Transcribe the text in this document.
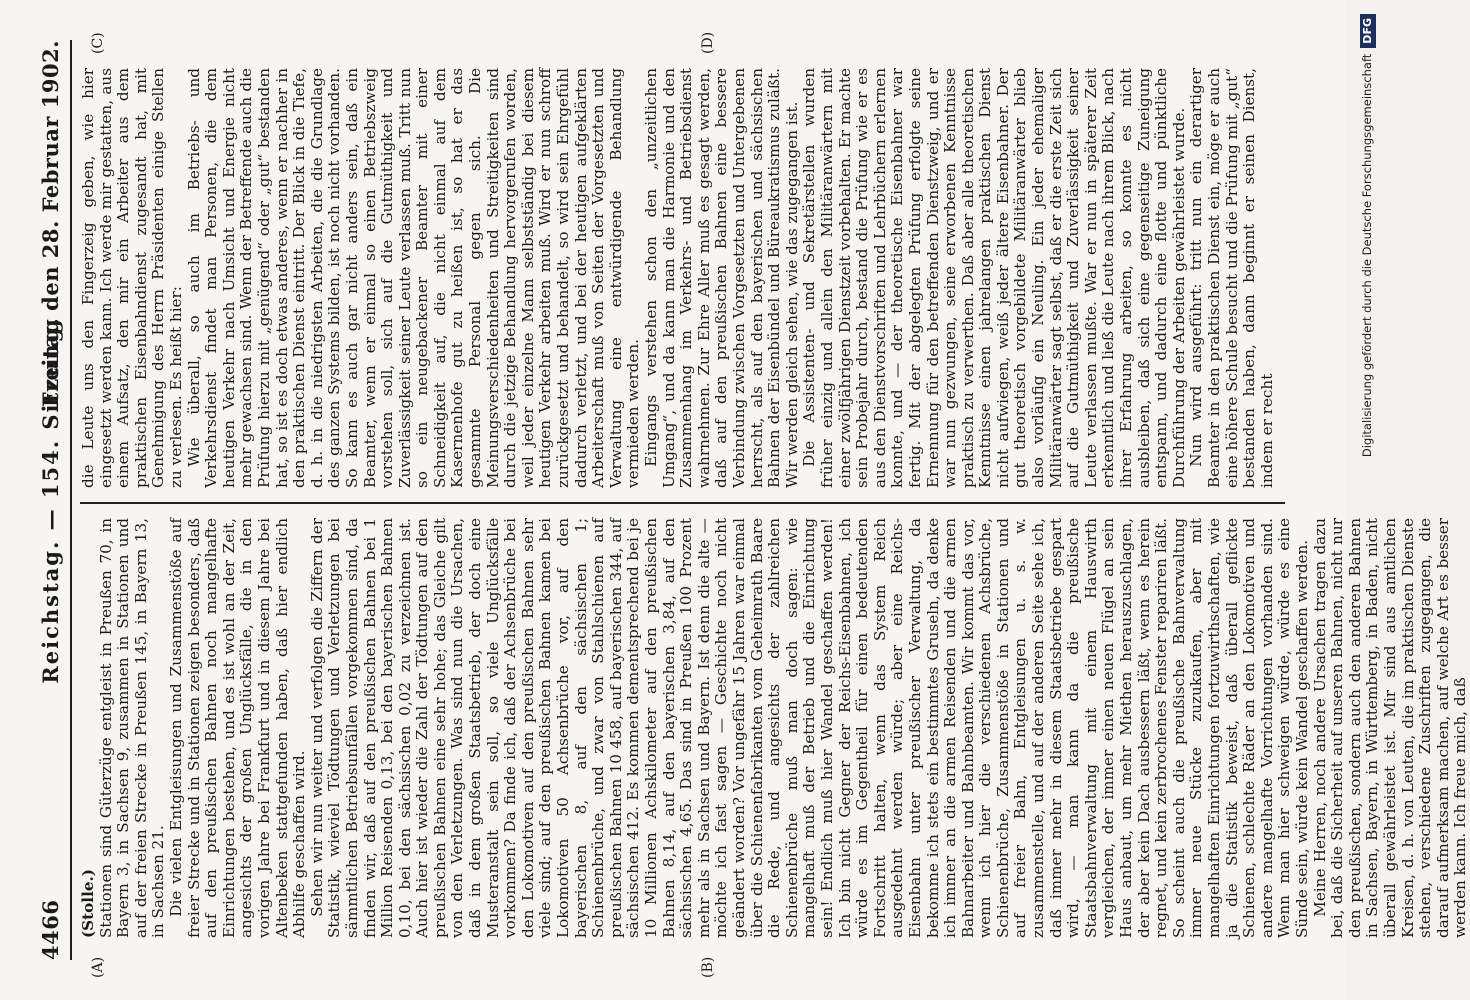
4466
Reichstag. — 154. Sitzung.
Freitag den 28. Februar 1902.
(A)	(B)
(C)	(D)

(Stolle.) Stationen sind Güterzüge entgleist in Preußen 70, in Bayern 3, in Sachsen 9, zusammen in Stationen und auf der freien Strecke in Preußen 145, in Bayern 13, in Sachsen 21. Die vielen Entgleisungen und Zusammenstöße auf freier Strecke und in Stationen zeigen besonders, daß auf den preußischen Bahnen noch mangelhafte Einrichtungen bestehen, und es ist wohl an der Zeit, angesichts der großen Unglücksfälle, die in den vorigen Jahre bei Frankfurt und in diesem Jahre bei Altenbeken stattgefunden haben, daß hier endlich Abhilfe geschaffen wird. Sehen wir nun weiter und verfolgen die Ziffern der Statistik, wieviel Tödtungen und Verletzungen bei sämmtlichen Betriebsunfällen vorgekommen sind, da finden wir, daß auf den preußischen Bahnen bei 1 Million Reisenden 0,13, bei den bayerischen Bahnen 0,10, bei den sächsischen 0,02 zu verzeichnen ist. Auch hier ist wieder die Zahl der Tödtungen auf den preußischen Bahnen eine sehr hohe; das Gleiche gilt von den Verletzungen. Was sind nun die Ursachen, daß in dem großen Staatsbetrieb, der doch eine Musteranstalt sein soll, so viele Unglücksfälle vorkommen? Da finde ich, daß der Achsenbrüche bei den Lokomotiven auf den preußischen Bahnen sehr viele sind; auf den preußischen Bahnen kamen bei Lokomotiven 50 Achsenbrüche vor, auf den bayerischen 8, auf den sächsischen 1; Schienenbrüche, und zwar von Stahlschienen auf preußischen Bahnen 10 458, auf bayerischen 344, auf sächsischen 412. Es kommen dementsprechend bei je 10 Millionen Achskilometer auf den preußischen Bahnen 8,14, auf den bayerischen 3,84, auf den sächsischen 4,65. Das sind in Preußen 100 Prozent mehr als in Sachsen und Bayern. Ist denn die alte — möchte ich fast sagen — Geschichte noch nicht geändert worden? Vor ungefähr 15 Jahren war einmal über die Schienenfabrikanten vom Geheimrath Baare die Rede, und angesichts der zahlreichen Schienenbrüche muß man doch sagen: wie mangelhaft muß der Betrieb und die Einrichtung sein! Endlich muß hier Wandel geschaffen werden! Ich bin nicht Gegner der Reichs-Eisenbahnen, ich würde es im Gegentheil für einen bedeutenden Fortschritt halten, wenn das System Reich ausgedehnt werden würde; aber eine Reichs-Eisenbahn unter preußischer Verwaltung, da bekomme ich stets ein bestimmtes Gruseln, da denke ich immer an die armen Reisenden und die armen Bahnarbeiter und Bahnbeamten. Wir kommt das vor, wenn ich hier die verschiedenen Achsbrüche, Schienenbrüche, Zusammenstöße in Stationen und auf freier Bahn, Entgleisungen u. s. w. zusammenstelle, und auf der anderen Seite sehe ich, daß immer mehr in diesem Staatsbetriebe gespart wird, — man kann da die preußische Staatsbahnverwaltung mit einem Hauswirth vergleichen, der immer einen neuen Flügel an sein Haus anbaut, um mehr Miethen herauszuschlagen, der aber kein Dach ausbessern läßt, wenn es herein regnet, und kein zerbrochenes Fenster repariren läßt. So scheint auch die preußische Bahnverwaltung immer neue Stücke zuzukaufen, aber mit mangelhaften Einrichtungen fortzuwirthschaften, wie ja die Statistik beweist, daß überall geflickte Schienen, schlechte Räder an den Lokomotiven und andere mangelhafte Vorrichtungen vorhanden sind. Wenn man hier schweigen würde, würde es eine Sünde sein, würde kein Wandel geschaffen werden. Meine Herren, noch andere Ursachen tragen dazu bei, daß die Sicherheit auf unseren Bahnen, nicht nur den preußischen, sondern auch den anderen Bahnen in Sachsen, Bayern, in Württemberg, in Baden, nicht überall gewährleistet ist. Mir sind aus amtlichen Kreisen, d. h. von Leuten, die im praktischen Dienste stehen, verschiedene Zuschriften zugegangen, die darauf aufmerksam machen, auf welche Art es besser werden kann. Ich freue mich, daß

die Leute uns den Fingerzeig geben, wie hier eingesetzt werden kann. Ich werde mir gestatten, aus einem Aufsatz, den mir ein Arbeiter aus dem praktischen Eisenbahndienst zugesandt hat, mit Genehmigung des Herrn Präsidenten einige Stellen zu verlesen. Es heißt hier: Wie überall, so auch im Betriebs- und Verkehrsdienst findet man Personen, die dem heutigen Verkehr nach Umsicht und Energie nicht mehr gewachsen sind. Wenn der Betreffende auch die Prüfung hierzu mit „genügend“ oder „gut“ bestanden hat, so ist es doch etwas anderes, wenn er nachher in den praktischen Dienst eintritt. Der Blick in die Tiefe, d. h. in die niedrigsten Arbeiten, die die Grundlage des ganzen Systems bilden, ist noch nicht vorhanden. So kann es auch gar nicht anders sein, daß ein Beamter, wenn er einmal so einen Betriebszweig vorstehen soll, sich auf die Gutmüthigkeit und Zuverlässigkeit seiner Leute verlassen muß. Tritt nun so ein neugebackener Beamter mit einer Schneidigkeit auf, die nicht einmal auf dem Kasernenhofe gut zu heißen ist, so hat er das gesammte Personal gegen sich. Die Meinungsverschiedenheiten und Streitigkeiten sind durch die jetzige Behandlung hervorgerufen worden, weil jeder einzelne Mann selbstständig bei diesem heutigen Verkehr arbeiten muß. Wird er nun schroff zurückgesetzt und behandelt, so wird sein Ehrgefühl dadurch verletzt, und bei der heutigen aufgeklärten Arbeiterschaft muß von Seiten der Vorgesetzten und Verwaltung eine entwürdigende Behandlung vermieden werden. Eingangs verstehen schon den „unzeitlichen Umgang“, und da kann man die Harmonie und den Zusammenhang im Verkehrs- und Betriebsdienst wahrnehmen. Zur Ehre Aller muß es gesagt werden, daß auf den preußischen Bahnen eine bessere Verbindung zwischen Vorgesetzten und Untergebenen herrscht, als auf den bayerischen und sächsischen Bahnen der Eisenbündel und Büreaukratismus zuläßt. Wir werden gleich sehen, wie das zugegangen ist. Die Assistenten- und Sekretärstellen wurden früher einzig und allein den Militäranwärtern mit einer zwölfjährigen Dienstzeit vorbehalten. Er machte sein Probejahr durch, bestand die Prüfung wie er es aus den Dienstvorschriften und Lehrbüchern erlernen konnte, und — der theoretische Eisenbahner war fertig. Mit der abgelegten Prüfung erfolgte seine Ernennung für den betreffenden Dienstzweig, und er war nun gezwungen, seine erworbenen Kenntnisse praktisch zu verwerthen. Daß aber alle theoretischen Kenntnisse einen jahrelangen praktischen Dienst nicht aufwiegen, weiß jeder ältere Eisenbahner. Der gut theoretisch vorgebildete Militäranwärter blieb also vorläufig ein Neuling. Ein jeder ehemaliger Militäranwärter sagt selbst, daß er die erste Zeit sich auf die Gutmüthigkeit und Zuverlässigkeit seiner Leute verlassen mußte. War er nun in späterer Zeit erkenntlich und ließ die Leute nach ihrem Blick, nach ihrer Erfahrung arbeiten, so konnte es nicht ausbleiben, daß sich eine gegenseitige Zuneigung entspann, und dadurch eine flotte und pünktliche Durchführung der Arbeiten gewährleistet wurde. Nun wird ausgeführt: tritt nun ein derartiger Beamter in den praktischen Dienst ein, möge er auch eine höhere Schule besucht und die Prüfung mit „gut“ bestanden haben, dann beginnt er seinen Dienst, indem er recht	Digitalisierung gefördert durch die Deutsche ForschungsgemeinschaftDFG
